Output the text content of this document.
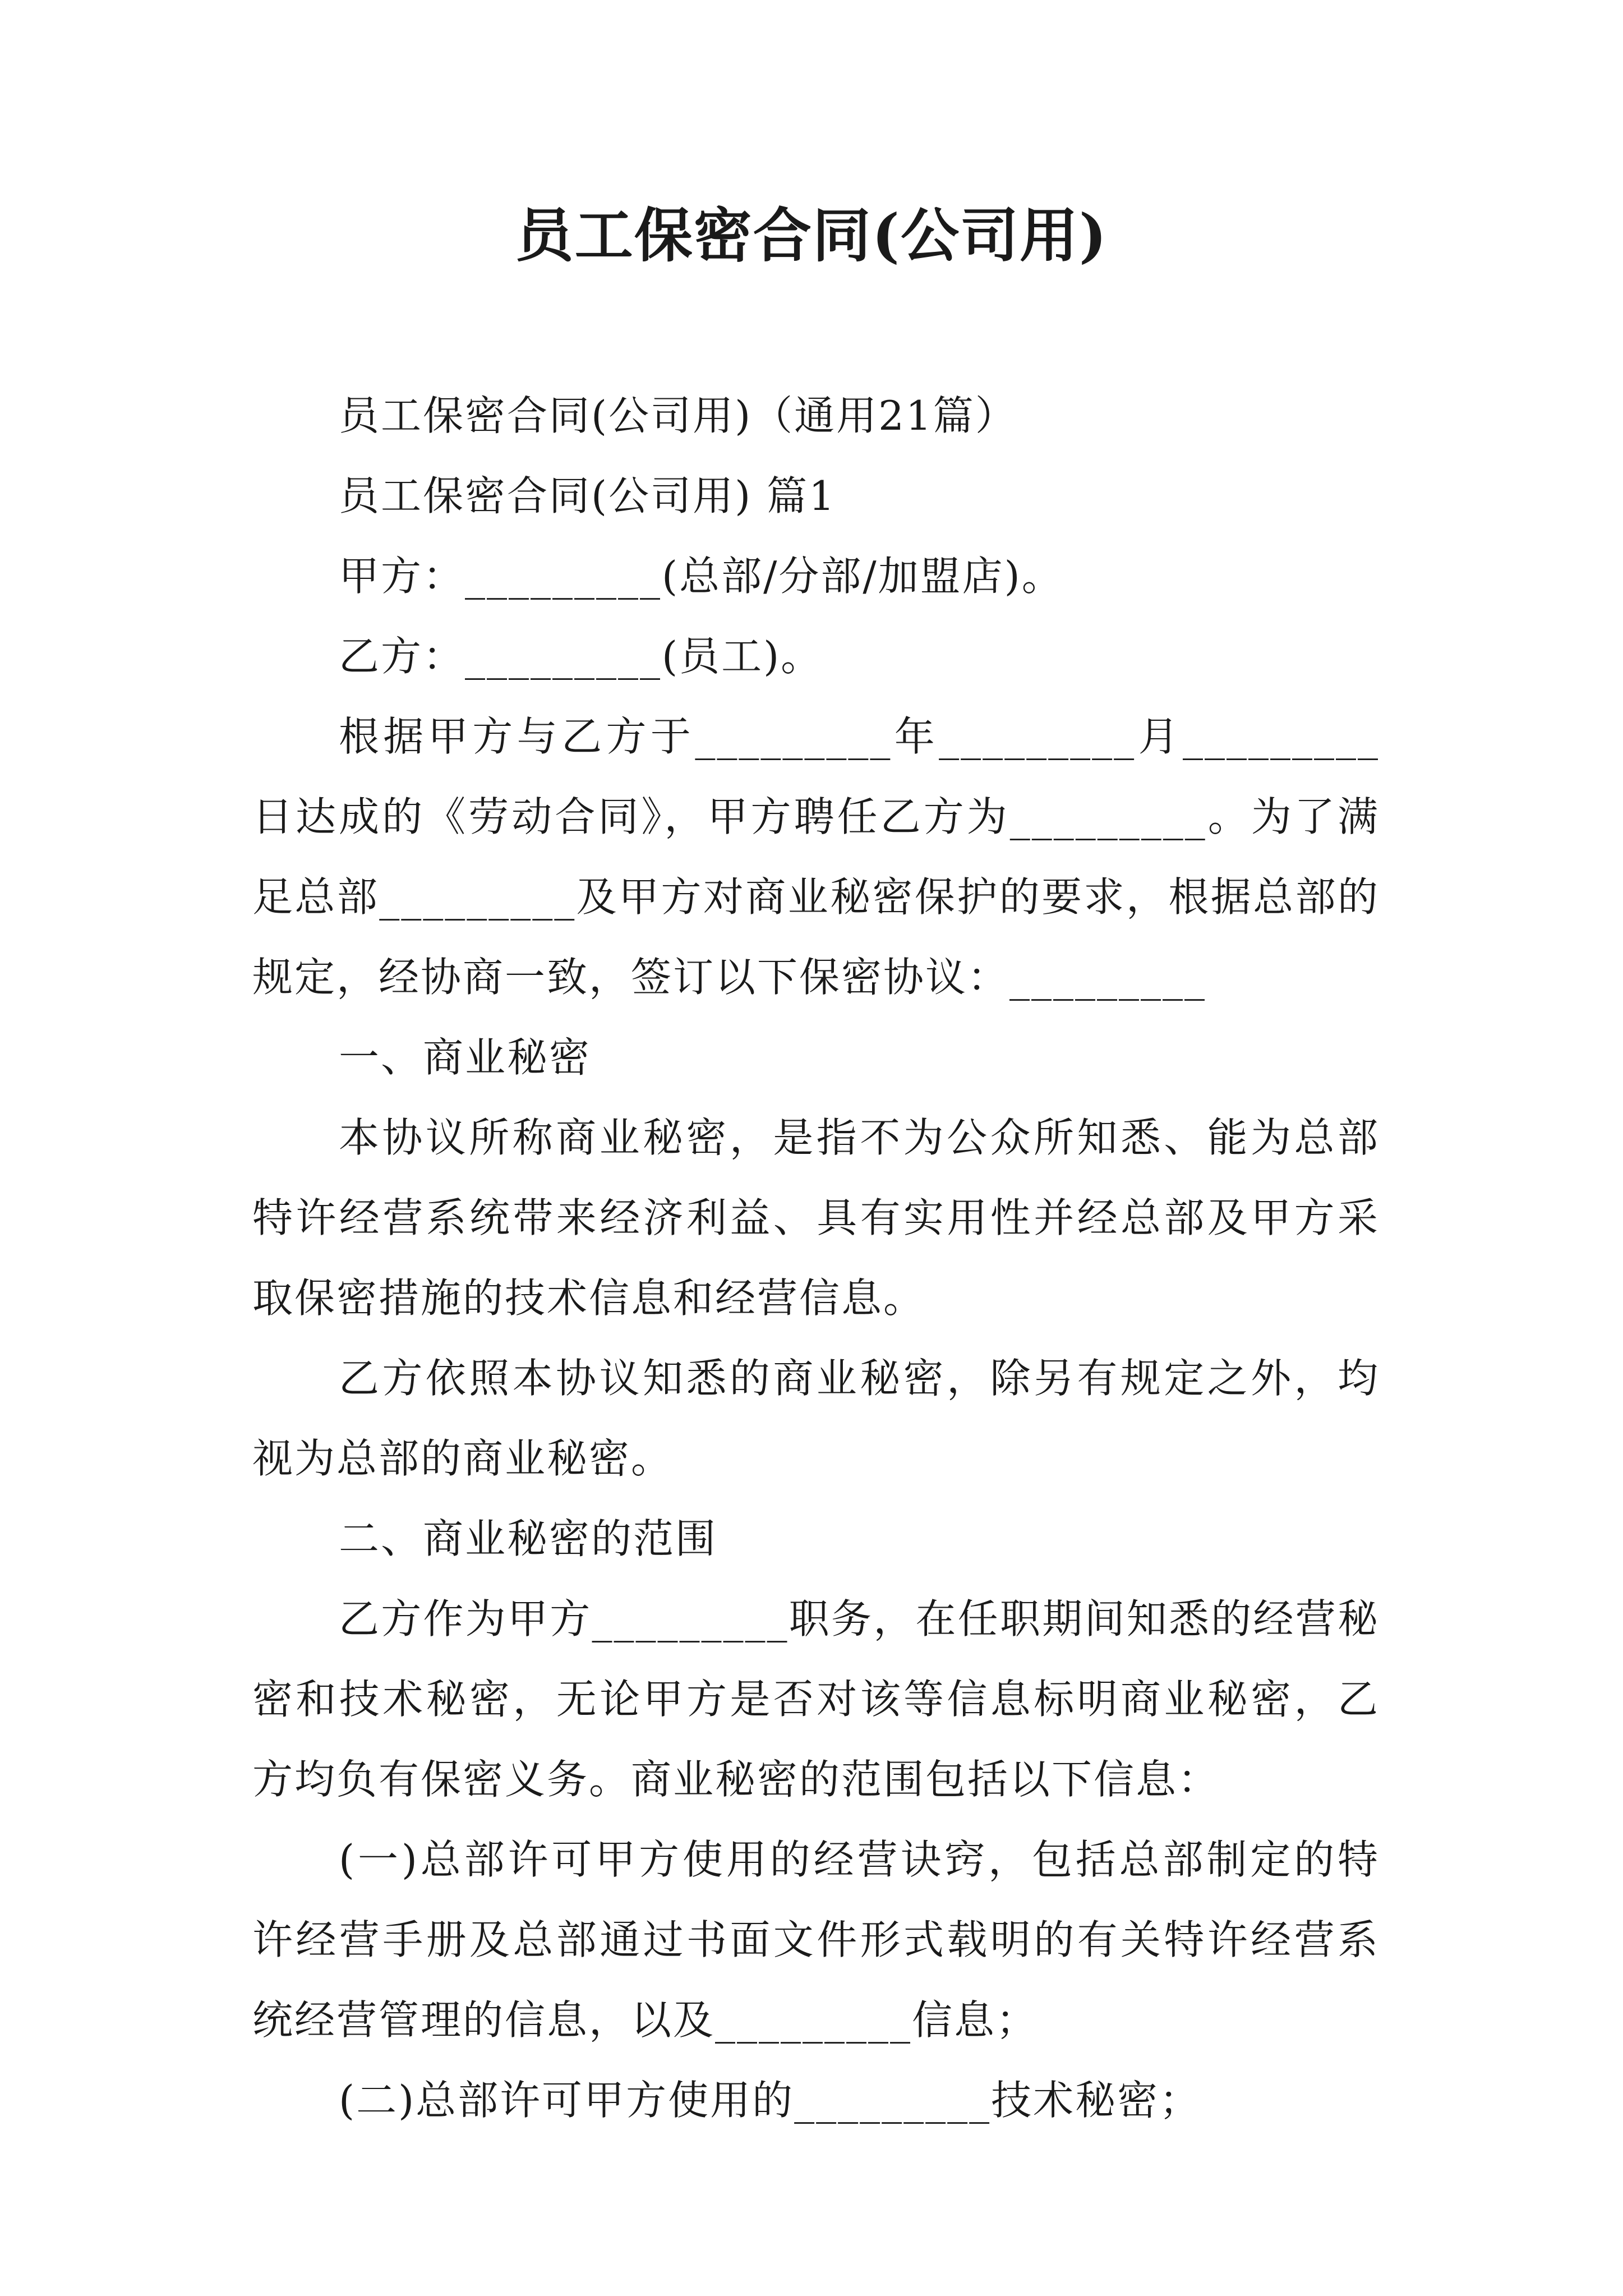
员工保密合同(公司用)

员工保密合同(公司用)（通用21篇）

员工保密合同(公司用) 篇1

甲方：_________(总部/分部/加盟店)。

乙方：_________(员工)。

根据甲方与乙方于_________年_________月_________日达成的《劳动合同》，甲方聘任乙方为_________。为了满足总部_________及甲方对商业秘密保护的要求，根据总部的规定，经协商一致，签订以下保密协议：_________

一、商业秘密

本协议所称商业秘密，是指不为公众所知悉、能为总部特许经营系统带来经济利益、具有实用性并经总部及甲方采取保密措施的技术信息和经营信息。

乙方依照本协议知悉的商业秘密，除另有规定之外，均视为总部的商业秘密。

二、商业秘密的范围

乙方作为甲方_________职务，在任职期间知悉的经营秘密和技术秘密，无论甲方是否对该等信息标明商业秘密，乙方均负有保密义务。商业秘密的范围包括以下信息：

(一)总部许可甲方使用的经营诀窍，包括总部制定的特许经营手册及总部通过书面文件形式载明的有关特许经营系统经营管理的信息，以及_________信息；

(二)总部许可甲方使用的_________技术秘密；
